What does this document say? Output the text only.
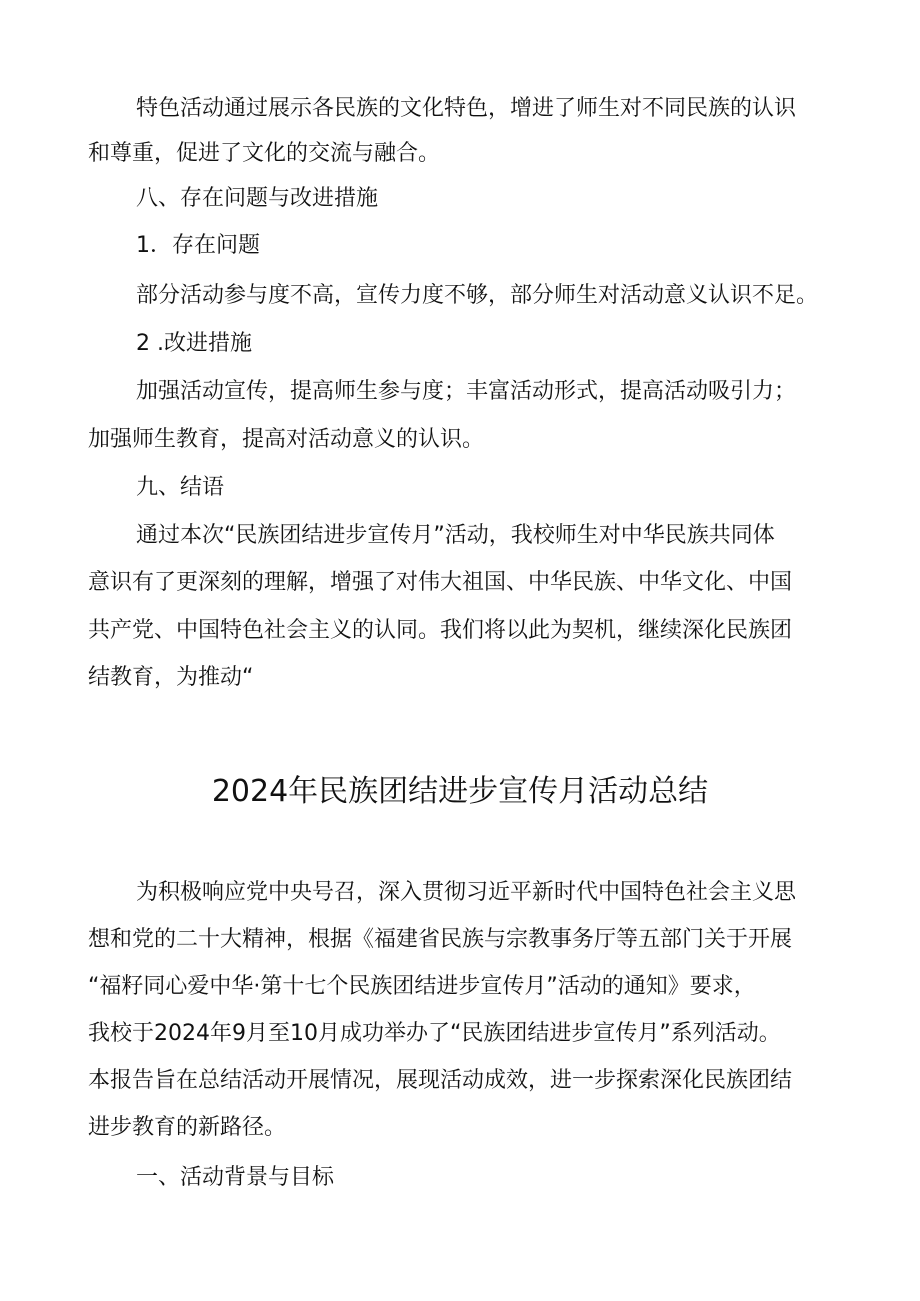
特色活动通过展示各民族的文化特色，增进了师生对不同民族的认识
和尊重，促进了文化的交流与融合。
八、存在问题与改进措施
1．存在问题
部分活动参与度不高，宣传力度不够，部分师生对活动意义认识不足。
2 .改进措施
加强活动宣传，提高师生参与度；丰富活动形式，提高活动吸引力；
加强师生教育，提高对活动意义的认识。
九、结语
通过本次“民族团结进步宣传月”活动，我校师生对中华民族共同体
意识有了更深刻的理解，增强了对伟大祖国、中华民族、中华文化、中国
共产党、中国特色社会主义的认同。我们将以此为契机，继续深化民族团
结教育，为推动“
2024年民族团结进步宣传月活动总结
为积极响应党中央号召，深入贯彻习近平新时代中国特色社会主义思
想和党的二十大精神，根据《福建省民族与宗教事务厅等五部门关于开展
“福籽同心爱中华·第十七个民族团结进步宣传月”活动的通知》要求，
我校于2024年9月至10月成功举办了“民族团结进步宣传月”系列活动。
本报告旨在总结活动开展情况，展现活动成效，进一步探索深化民族团结
进步教育的新路径。
一、活动背景与目标
